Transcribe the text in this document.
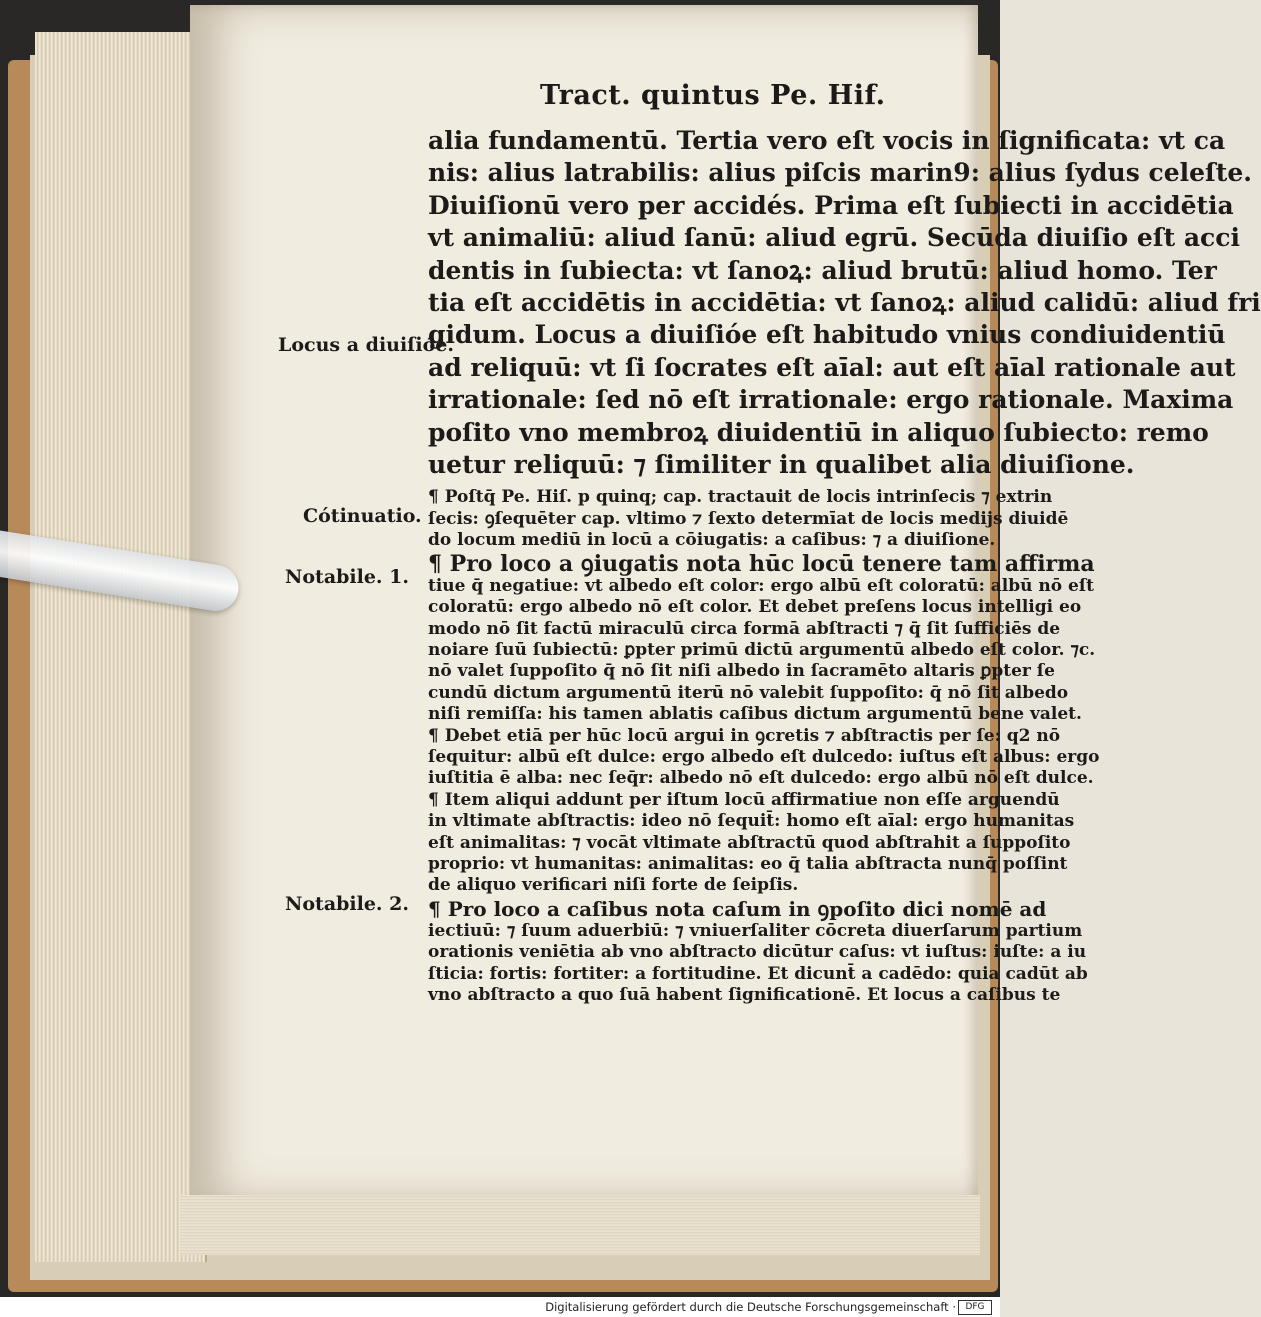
Tract. quintus Pe. Hif.
Locus a diuiſióe.
Cótinuatio.
Notabile. 1.
Notabile. 2.
alia fundamentū. Tertia vero eſt vocis in ſignificata: vt ca
nis: alius latrabilis: alius piſcis marin9: alius ſydus celeſte.
Diuiſionū vero per accidés. Prima eſt ſubiecti in accidētia
vt animaliū: aliud ſanū: aliud egrū. Secūda diuiſio eſt acci
dentis in ſubiecta: vt ſanoꝝ: aliud brutū: aliud homo. Ter
tia eſt accidētis in accidētia: vt ſanoꝝ: aliud calidū: aliud fri
gidum. Locus a diuiſióe eſt habitudo vnius condiuidentiū
ad reliquū: vt ſi ſocrates eſt aīal: aut eſt aīal rationale aut
irrationale: ſed nō eſt irrationale: ergo rationale. Maxima
poſito vno membroꝝ diuidentiū in aliquo ſubiecto: remo
uetur reliquū: ⁊ ſimiliter in qualibet alia diuiſione.
¶ Poſtq̄ Pe. Hiſ. p quinq; cap. tractauit de locis intrinſecis ⁊ extrin
ſecis: ꝯſequēter cap. vltimo ⁊ ſexto determīat de locis medijs diuidē
do locum mediū in locū a cōiugatis: a caſibus: ⁊ a diuiſione.
¶ Pro loco a ꝯiugatis nota hūc locū tenere tam affirma
tiue q̄ negatiue: vt albedo eſt color: ergo albū eſt coloratū: albū nō eſt
coloratū: ergo albedo nō eſt color. Et debet preſens locus intelligi eo
modo nō ſit factū miraculū circa formā abſtracti ⁊ q̄ ſit ſufficiēs de
noiare ſuū ſubiectū: ꝑpter primū dictū argumentū albedo eſt color. ⁊c.
nō valet ſuppoſito q̄ nō ſit niſi albedo in ſacramēto altaris ꝑpter ſe
cundū dictum argumentū iterū nō valebit ſuppoſito: q̄ nō ſit albedo
niſi remiſſa: his tamen ablatis caſibus dictum argumentū bene valet.
¶ Debet etiā per hūc locū argui in ꝯcretis ⁊ abſtractis per ſe: q2 nō
ſequitur: albū eſt dulce: ergo albedo eſt dulcedo: iuſtus eſt albus: ergo
iuſtitia ē alba: nec ſeq̄r: albedo nō eſt dulcedo: ergo albū nō eſt dulce.
¶ Item aliqui addunt per iſtum locū affirmatiue non eſſe arguendū
in vltimate abſtractis: ideo nō ſequit̄: homo eſt aīal: ergo humanitas
eſt animalitas: ⁊ vocāt vltimate abſtractū quod abſtrahit a ſuppoſito
proprio: vt humanitas: animalitas: eo q̄ talia abſtracta nunq̄ poſſint
de aliquo verificari niſi forte de ſeipſis.
¶ Pro loco a caſibus nota caſum in ꝯpoſito dici nomē ad
iectiuū: ⁊ ſuum aduerbiū: ⁊ vniuerſaliter cōcreta diuerſarum partium
orationis veniētia ab vno abſtracto dicūtur caſus: vt iuſtus: iuſte: a iu
ſticia: fortis: fortiter: a fortitudine. Et dicunt̄ a cadēdo: quia cadūt ab
vno abſtracto a quo ſuā habent ſignificationē. Et locus a caſibus te
Digitalisierung gefördert durch die Deutsche Forschungsgemeinschaft ·	DFG
